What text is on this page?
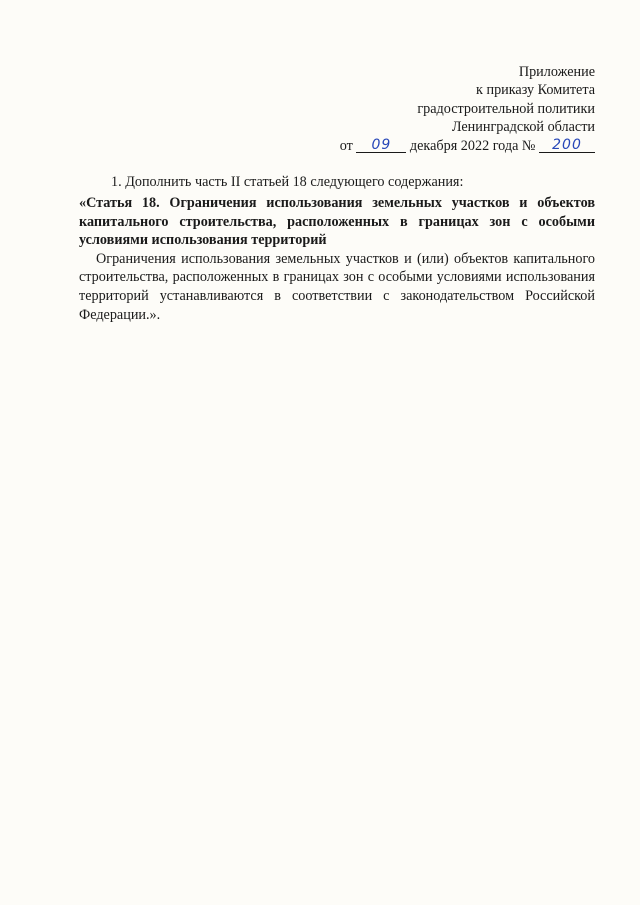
Приложение
к приказу Комитета
градостроительной политики
Ленинградской области
от 09 декабря 2022 года № 200
1. Дополнить часть II статьей 18 следующего содержания:

«Статья 18. Ограничения использования земельных участков и объектов капитального строительства, расположенных в границах зон с особыми условиями использования территорий

Ограничения использования земельных участков и (или) объектов капитального строительства, расположенных в границах зон с особыми условиями использования территорий устанавливаются в соответствии с законодательством Российской Федерации.».
